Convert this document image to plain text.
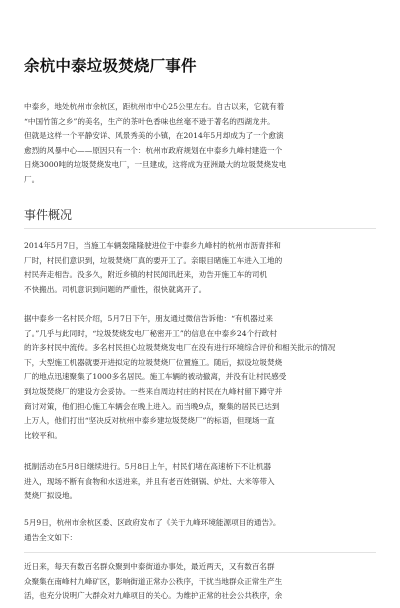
余杭中泰垃圾焚烧厂事件

中泰乡，地处杭州市余杭区，距杭州市中心25公里左右。自古以来，它就有着
“中国竹笛之乡”的美名，生产的茶叶色香味也丝毫不逊于著名的西湖龙井。
但就是这样一个平静安详、风景秀美的小镇，在2014年5月却成为了一个愈演
愈烈的风暴中心——原因只有一个：杭州市政府规划在中泰乡九峰村建造一个
日烧3000吨的垃圾焚烧发电厂，一旦建成，这将成为亚洲最大的垃圾焚烧发电
厂。

事件概况

2014年5月7日，当施工车辆轰隆隆驶进位于中泰乡九峰村的杭州市沥青拌和
厂时，村民们意识到，垃圾焚烧厂真的要开工了。亲眼目睹施工车进入工地的
村民奔走相告。没多久，附近乡镇的村民闻讯赶来，劝告开施工车的司机
不快搬出。司机意识到问题的严重性，很快就离开了。

据中泰乡一名村民介绍，5月7日下午，朋友通过微信告诉他：“有机器过来
了。”几乎与此同时，“垃圾焚烧发电厂秘密开工”的信息在中泰乡24个行政村
的许多村民中流传。多名村民担心垃圾焚烧发电厂在没有进行环境综合评价和相关批示的情况
下，大型施工机器就要开进拟定的垃圾焚烧厂位置施工。随后，拟设垃圾焚烧
厂的地点迅速聚集了1000多名居民。施工车辆的被动撤离，并没有让村民感受
到垃圾焚烧厂的建设方会妥协。一些来自周边村庄的村民在九峰村留下蹲守并
商讨对策，他们担心施工车辆会在晚上进入。而当晚9点，聚集的居民已达到
上万人，他们打出“坚决反对杭州中泰乡建垃圾焚烧厂”的标语，但现场一直
比较平和。

抵制活动在5月8日继续进行。5月8日上午，村民们堵在高速桥下不让机器
进入，现场不断有食物和水送进来，并且有老百姓钢锅、炉灶、大米等带入
焚烧厂拟设地。

5月9日，杭州市余杭区委、区政府发布了《关于九峰环境能源项目的通告》。
通告全文如下：

近日来，每天有数百名群众聚到中泰街道办事处，最近两天，又有数百名群
众聚集在南峰村九峰矿区，影响街道正常办公秩序，干扰当地群众正常生产生
活，也充分说明广大群众对九峰项目的关心。为维护正常的社会公共秩序，余
